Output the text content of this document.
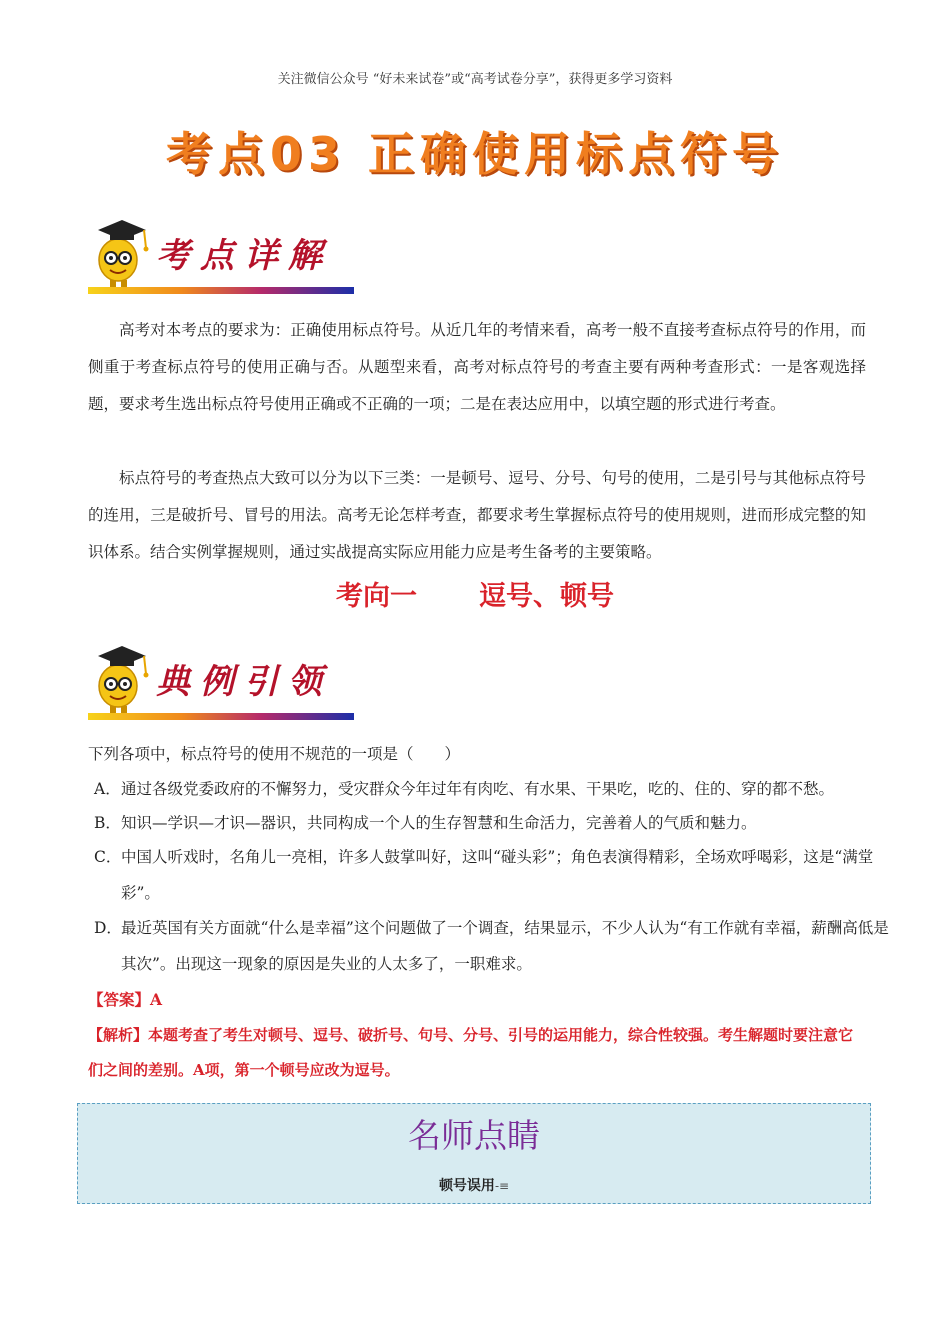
关注微信公众号 “好未来试卷”或“高考试卷分享”，获得更多学习资料
考点03 正确使用标点符号
考点详解
高考对本考点的要求为：正确使用标点符号。从近几年的考情来看，高考一般不直接考查标点符号的作用，而侧重于考查标点符号的使用正确与否。从题型来看，高考对标点符号的考查主要有两种考查形式：一是客观选择题，要求考生选出标点符号使用正确或不正确的一项；二是在表达应用中，以填空题的形式进行考查。
标点符号的考查热点大致可以分为以下三类：一是顿号、逗号、分号、句号的使用，二是引号与其他标点符号的连用，三是破折号、冒号的用法。高考无论怎样考查，都要求考生掌握标点符号的使用规则，进而形成完整的知识体系。结合实例掌握规则，通过实战提高实际应用能力应是考生备考的主要策略。
考向一 逗号、顿号
典例引领
下列各项中，标点符号的使用不规范的一项是（　　）
A．通过各级党委政府的不懈努力，受灾群众今年过年有肉吃、有水果、干果吃，吃的、住的、穿的都不愁。
B．知识—学识—才识—器识，共同构成一个人的生存智慧和生命活力，完善着人的气质和魅力。
C．中国人听戏时，名角儿一亮相，许多人鼓掌叫好，这叫“碰头彩”；角色表演得精彩，全场欢呼喝彩，这是“满堂彩”。
D．最近英国有关方面就“什么是幸福”这个问题做了一个调查，结果显示，不少人认为“有工作就有幸福，薪酬高低是其次”。出现这一现象的原因是失业的人太多了，一职难求。
【答案】A
【解析】本题考查了考生对顿号、逗号、破折号、句号、分号、引号的运用能力，综合性较强。考生解题时要注意它们之间的差别。A项，第一个顿号应改为逗号。
名师点睛
顿号误用-≡
